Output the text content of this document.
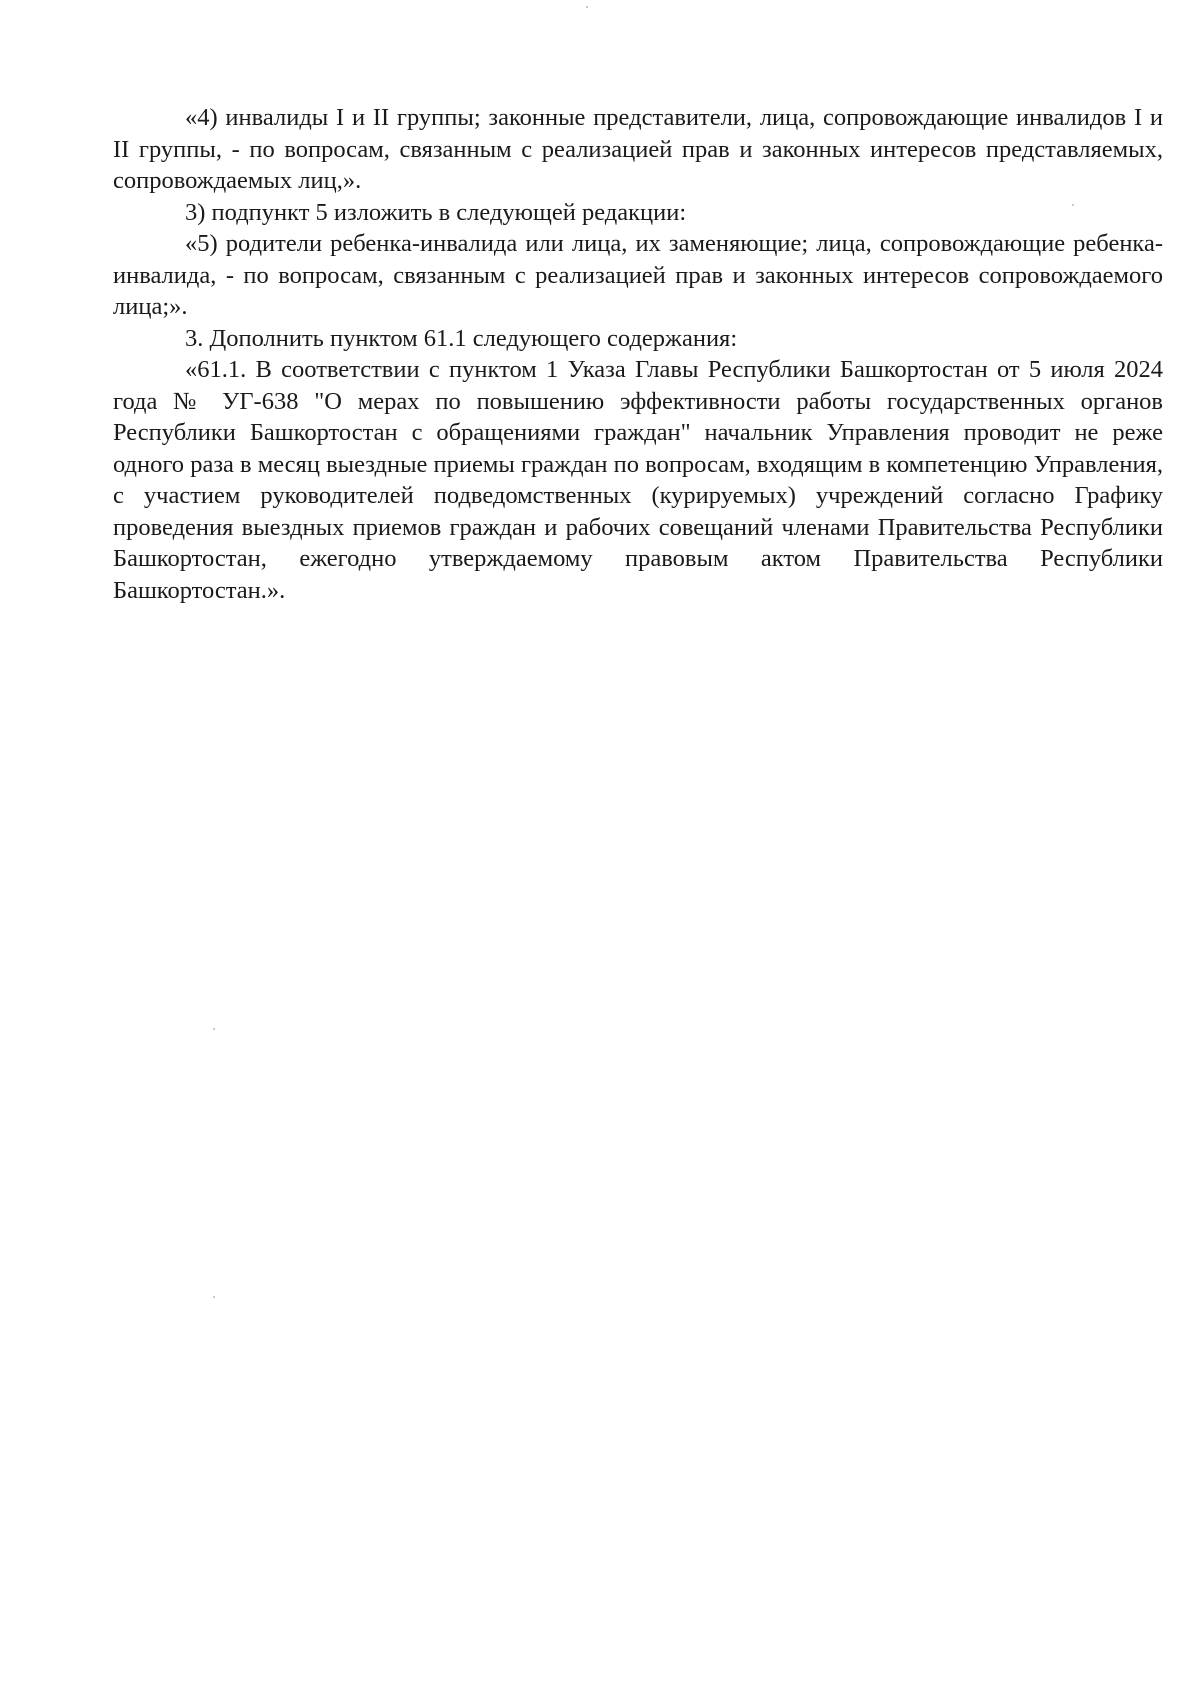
«4) инвалиды I и II группы; законные представители, лица, сопровождающие инвалидов I и II группы, - по вопросам, связанным с реализацией прав и законных интересов представляемых, сопровождаемых лиц,».

3) подпункт 5 изложить в следующей редакции:

«5) родители ребенка-инвалида или лица, их заменяющие; лица, сопровождающие ребенка-инвалида, - по вопросам, связанным с реализацией прав и законных интересов сопровождаемого лица;».

3. Дополнить пунктом 61.1 следующего содержания:

«61.1. В соответствии с пунктом 1 Указа Главы Республики Башкортостан от 5 июля 2024 года № УГ-638 "О мерах по повышению эффективности работы государственных органов Республики Башкортостан с обращениями граждан" начальник Управления проводит не реже одного раза в месяц выездные приемы граждан по вопросам, входящим в компетенцию Управления, с участием руководителей подведомственных (курируемых) учреждений согласно Графику проведения выездных приемов граждан и рабочих совещаний членами Правительства Республики Башкортостан, ежегодно утверждаемому правовым актом Правительства Республики Башкортостан.».
